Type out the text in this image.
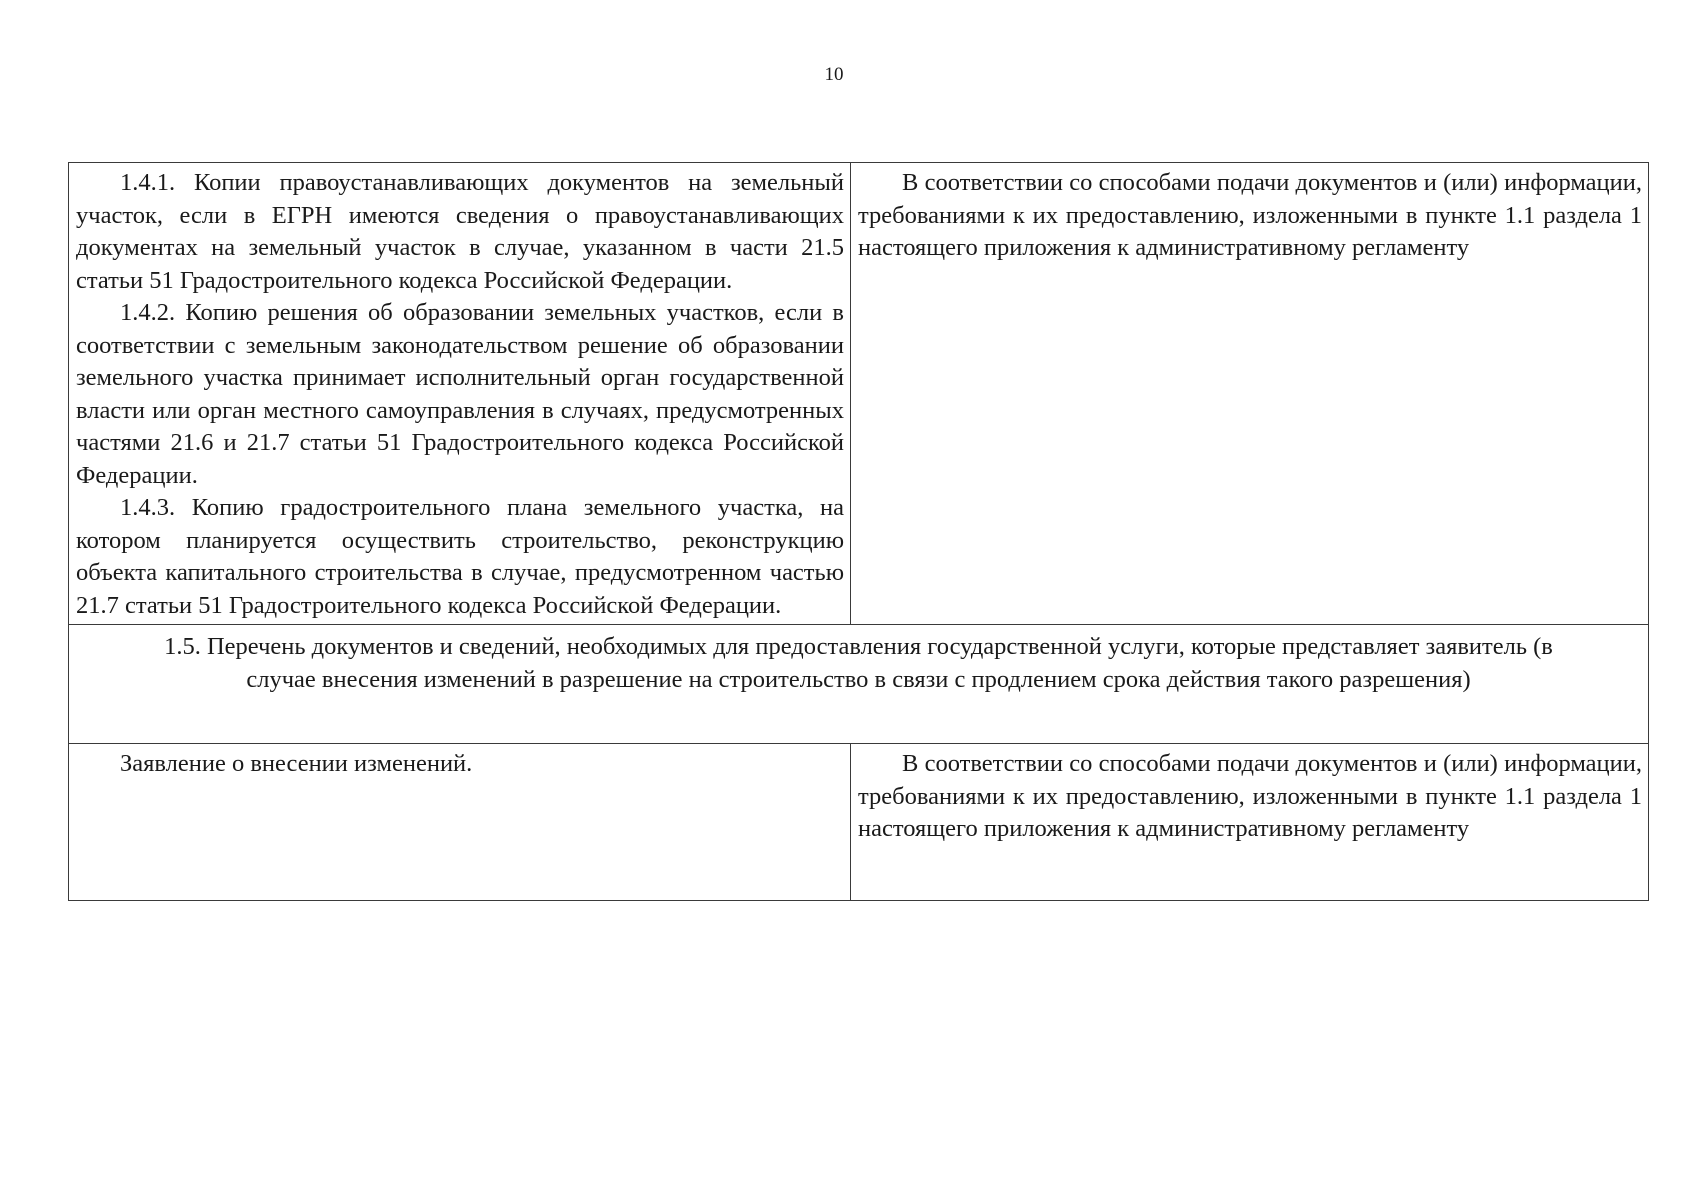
10

1.4.1. Копии правоустанавливающих документов на земельный участок, если в ЕГРН имеются сведения о правоустанавливающих документах на земельный участок в случае, указанном в части 21.5 статьи 51 Градостроительного кодекса Российской Федерации.

1.4.2. Копию решения об образовании земельных участков, если в соответствии с земельным законодательством решение об образовании земельного участка принимает исполнительный орган государственной власти или орган местного самоуправления в случаях, предусмотренных частями 21.6 и 21.7 статьи 51 Градостроительного кодекса Российской Федерации.

1.4.3. Копию градостроительного плана земельного участка, на котором планируется осуществить строительство, реконструкцию объекта капитального строительства в случае, предусмотренном частью 21.7 статьи 51 Градостроительного кодекса Российской Федерации.	В соответствии со способами подачи документов и (или) информации, требованиями к их предоставлению, изложенными в пункте 1.1 раздела 1 настоящего приложения к административному регламенту

1.5. Перечень документов и сведений, необходимых для предоставления государственной услуги, которые представляет заявитель (в случае внесения изменений в разрешение на строительство в связи с продлением срока действия такого разрешения)	

Заявление о внесении изменений.	В соответствии со способами подачи документов и (или) информации, требованиями к их предоставлению, изложенными в пункте 1.1 раздела 1 настоящего приложения к административному регламенту
